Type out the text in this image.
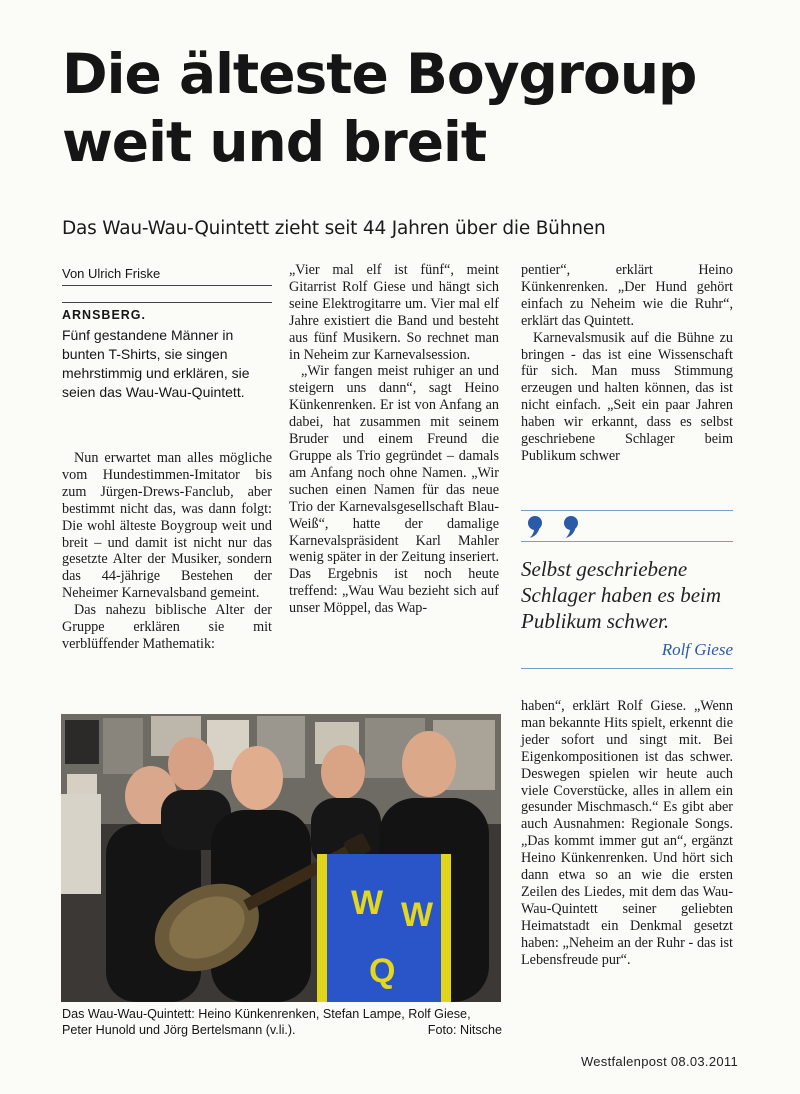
Die älteste Boygroup
weit und breit
Das Wau-Wau-Quintett zieht seit 44 Jahren über die Bühnen
Von Ulrich Friske
ARNSBERG.
Fünf gestandene Männer in bunten T-Shirts, sie singen mehrstimmig und erklären, sie seien das Wau-Wau-Quintett.

Nun erwartet man alles mögliche vom Hundestimmen-Imitator bis zum Jürgen-Drews-Fanclub, aber bestimmt nicht das, was dann folgt: Die wohl älteste Boygroup weit und breit – und damit ist nicht nur das gesetzte Alter der Musiker, sondern das 44-jährige Bestehen der Neheimer Karnevalsband gemeint.

Das nahezu biblische Alter der Gruppe erklären sie mit verblüffender Mathematik:

„Vier mal elf ist fünf“, meint Gitarrist Rolf Giese und hängt sich seine Elektrogitarre um. Vier mal elf Jahre existiert die Band und besteht aus fünf Musikern. So rechnet man in Neheim zur Karnevalsession.

„Wir fangen meist ruhiger an und steigern uns dann“, sagt Heino Künkenrenken. Er ist von Anfang an dabei, hat zusammen mit seinem Bruder und einem Freund die Gruppe als Trio gegründet – damals am Anfang noch ohne Namen. „Wir suchen einen Namen für das neue Trio der Karnevalsgesellschaft Blau-Weiß“, hatte der damalige Karnevalspräsident Karl Mahler wenig später in der Zeitung inseriert. Das Ergebnis ist noch heute treffend: „Wau Wau bezieht sich auf unser Möppel, das Wap-

pentier“, erklärt Heino Künkenrenken. „Der Hund gehört einfach zu Neheim wie die Ruhr“, erklärt das Quintett.

Karnevalsmusik auf die Bühne zu bringen - das ist eine Wissenschaft für sich. Man muss Stimmung erzeugen und halten können, das ist nicht einfach. „Seit ein paar Jahren haben wir erkannt, dass es selbst geschriebene Schlager beim Publikum schwer

Selbst geschriebene Schlager haben es beim Publikum schwer.
Rolf Giese

haben“, erklärt Rolf Giese. „Wenn man bekannte Hits spielt, erkennt die jeder sofort und singt mit. Bei Eigenkompositionen ist das schwer. Deswegen spielen wir heute auch viele Coverstücke, alles in allem ein gesunder Mischmasch.“ Es gibt aber auch Ausnahmen: Regionale Songs. „Das kommt immer gut an“, ergänzt Heino Künkenrenken. Und hört sich dann etwa so an wie die ersten Zeilen des Liedes, mit dem das Wau-Wau-Quintett seiner geliebten Heimatstadt ein Denkmal gesetzt haben: „Neheim an der Ruhr - das ist Lebensfreude pur“.

W W
Q
Das Wau-Wau-Quintett: Heino Künkenrenken, Stefan Lampe, Rolf Giese, Peter Hunold und Jörg Bertelsmann (v.li.).	Foto: Nitsche
Westfalenpost 08.03.2011
